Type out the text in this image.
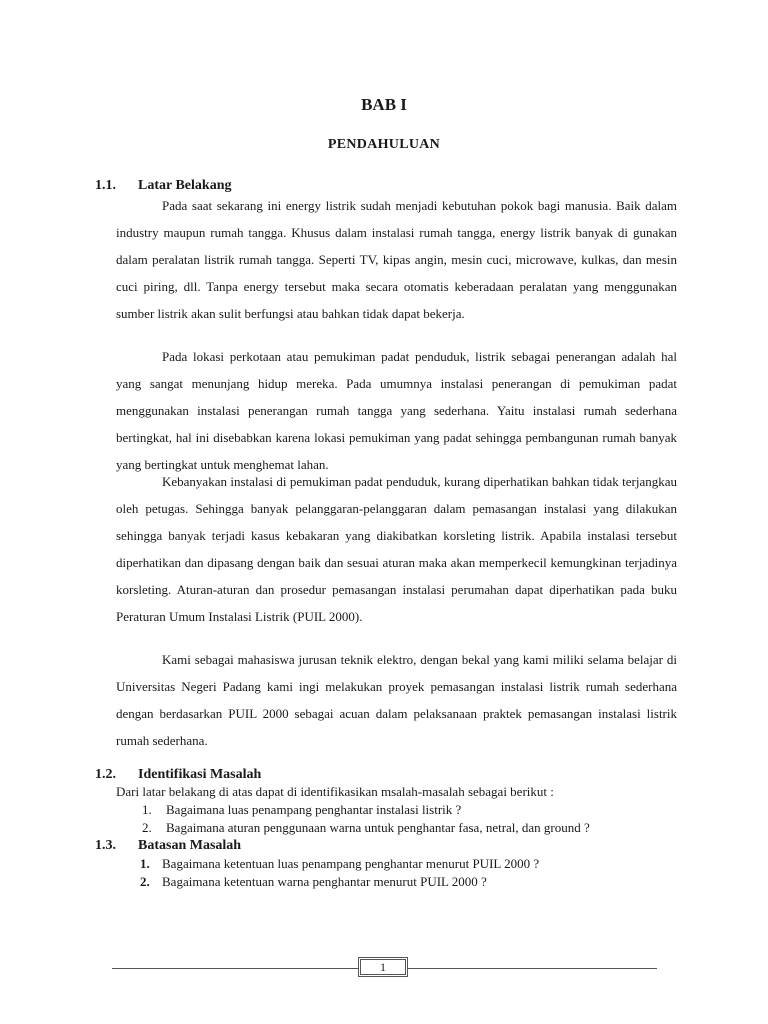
BAB I
PENDAHULUAN
1.1. Latar Belakang
Pada saat sekarang ini energy listrik sudah menjadi kebutuhan pokok bagi manusia. Baik dalam industry maupun rumah tangga. Khusus dalam instalasi rumah tangga, energy listrik banyak di gunakan dalam peralatan listrik rumah tangga. Seperti TV, kipas angin, mesin cuci, microwave, kulkas, dan mesin cuci piring, dll. Tanpa energy tersebut maka secara otomatis keberadaan peralatan yang menggunakan sumber listrik akan sulit berfungsi atau bahkan tidak dapat bekerja.
Pada lokasi perkotaan atau pemukiman padat penduduk, listrik sebagai penerangan adalah hal yang sangat menunjang hidup mereka. Pada umumnya instalasi penerangan di pemukiman padat menggunakan instalasi penerangan rumah tangga yang sederhana. Yaitu instalasi rumah sederhana bertingkat, hal ini disebabkan karena lokasi pemukiman yang padat sehingga pembangunan rumah banyak yang bertingkat untuk menghemat lahan.
Kebanyakan instalasi di pemukiman padat penduduk, kurang diperhatikan bahkan tidak terjangkau oleh petugas. Sehingga banyak pelanggaran-pelanggaran dalam pemasangan instalasi yang dilakukan sehingga banyak terjadi kasus kebakaran yang diakibatkan korsleting listrik. Apabila instalasi tersebut diperhatikan dan dipasang dengan baik dan sesuai aturan maka akan memperkecil kemungkinan terjadinya korsleting. Aturan-aturan dan prosedur pemasangan instalasi perumahan dapat diperhatikan pada buku Peraturan Umum Instalasi Listrik (PUIL 2000).
Kami sebagai mahasiswa jurusan teknik elektro, dengan bekal yang kami miliki selama belajar di Universitas Negeri Padang kami ingi melakukan proyek pemasangan instalasi listrik rumah sederhana dengan berdasarkan PUIL 2000 sebagai acuan dalam pelaksanaan praktek pemasangan instalasi listrik rumah sederhana.
1.2. Identifikasi Masalah
Dari latar belakang di atas dapat di identifikasikan msalah-masalah sebagai berikut :
1. Bagaimana luas penampang penghantar instalasi listrik ?
2. Bagaimana aturan penggunaan warna untuk penghantar fasa, netral, dan ground ?
1.3. Batasan Masalah
1. Bagaimana ketentuan luas penampang penghantar menurut PUIL 2000 ?
2. Bagaimana ketentuan warna penghantar menurut PUIL 2000 ?
1
